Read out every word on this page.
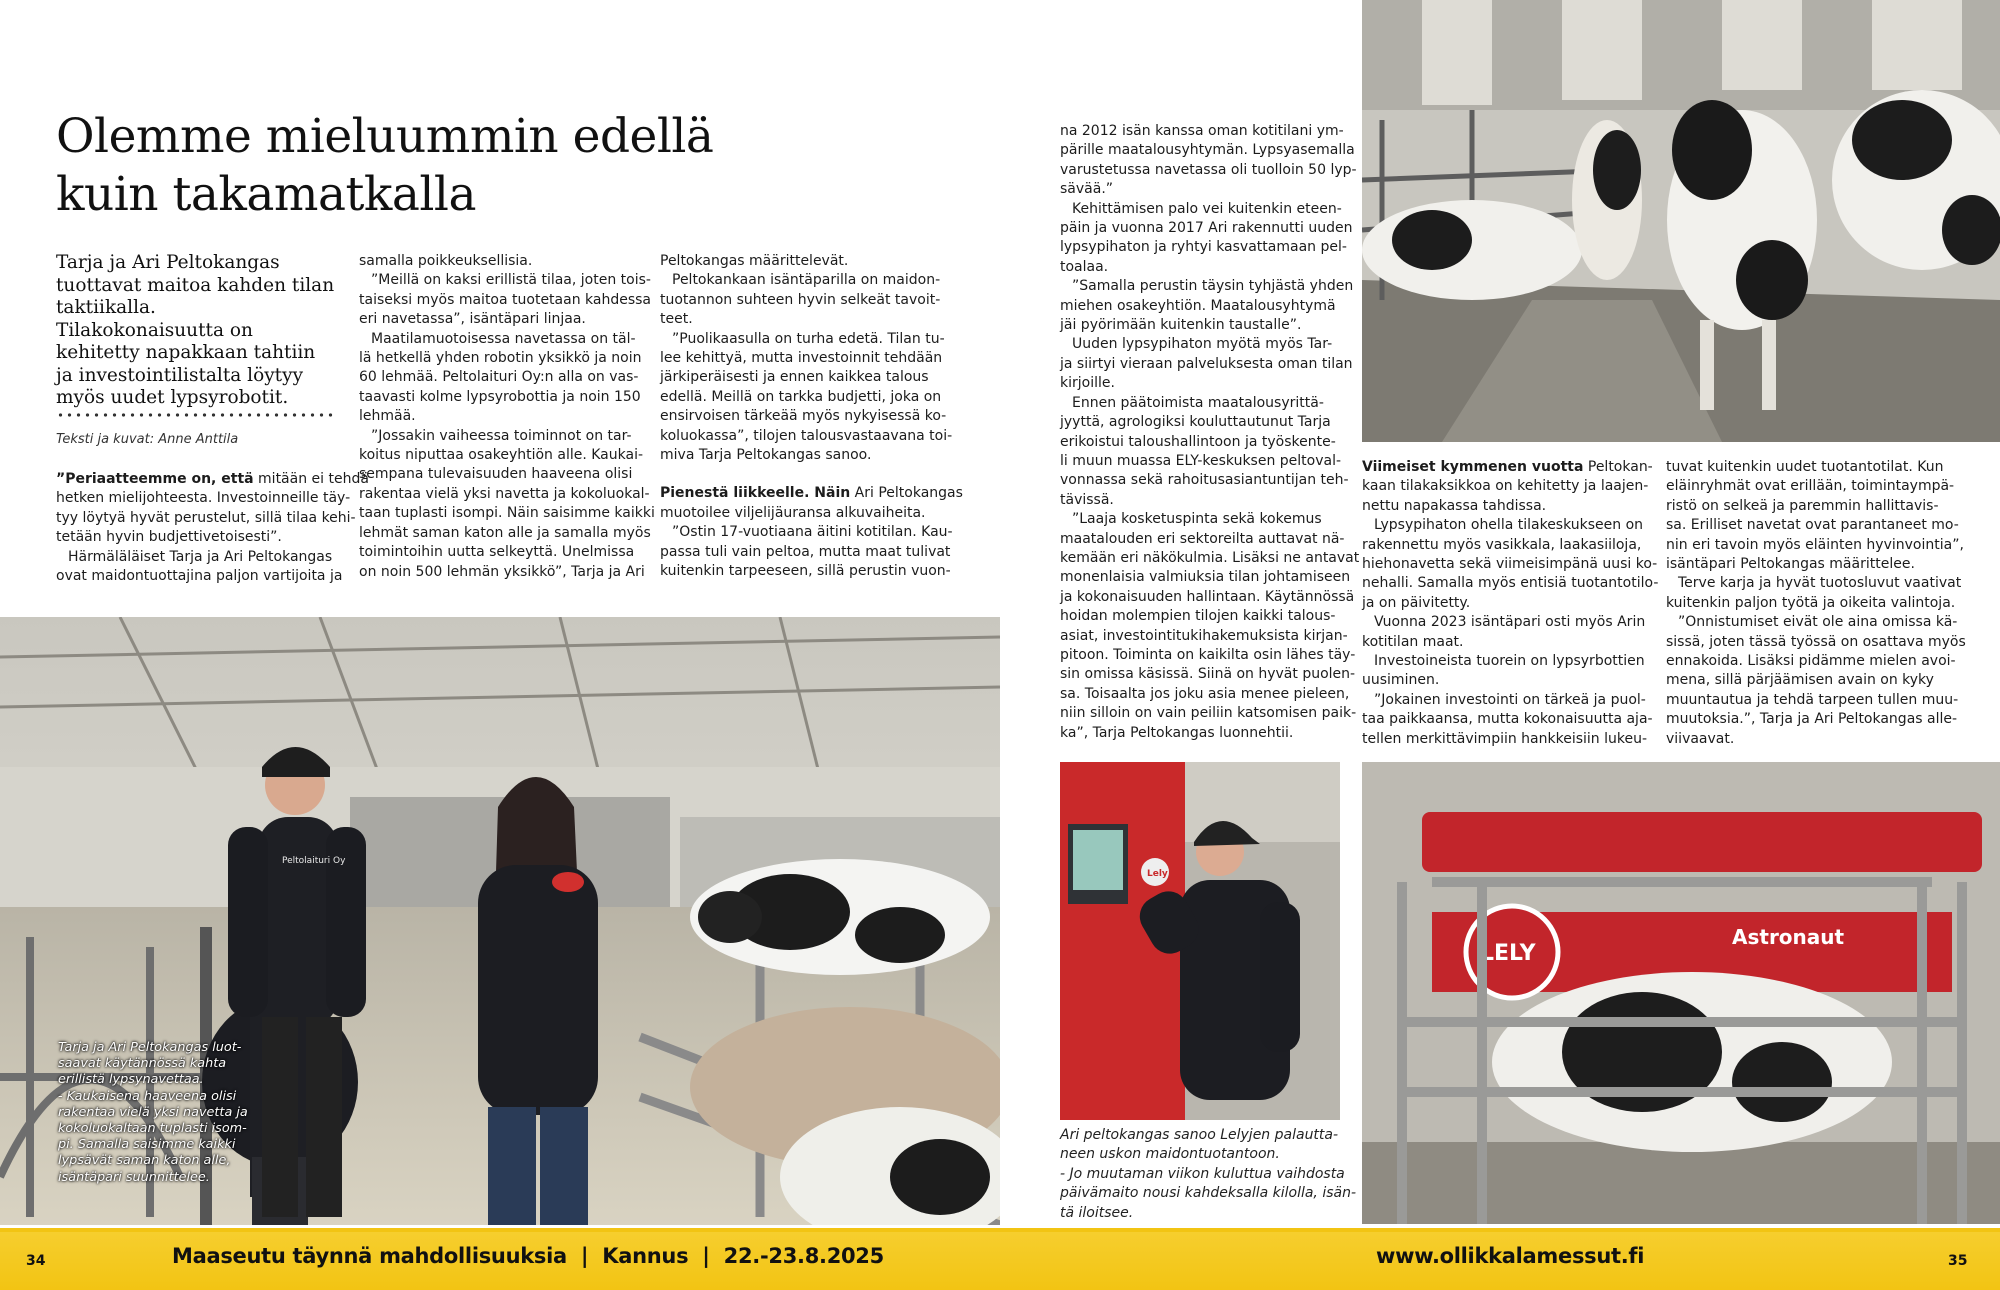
Olemme mieluummin edellä
kuin takamatkalla
Tarja ja Ari Peltokangas
tuottavat maitoa kahden tilan
taktiikalla.
Tilakokonaisuutta on
kehitetty napakkaan tahtiin
ja investointilistalta löytyy
myös uudet lypsyrobotit.
Teksti ja kuvat: Anne Anttila

”Periaatteemme on, että mitään ei tehdä

hetken mielijohteesta. Investoinneille täy-

tyy löytyä hyvät perustelut, sillä tilaa kehi-

tetään hyvin budjettivetoisesti”.

Härmäläläiset Tarja ja Ari Peltokangas

ovat maidontuottajina paljon vartijoita ja

samalla poikkeuksellisia.

”Meillä on kaksi erillistä tilaa, joten tois-

taiseksi myös maitoa tuotetaan kahdessa

eri navetassa”, isäntäpari linjaa.

Maatilamuotoisessa navetassa on täl-

lä hetkellä yhden robotin yksikkö ja noin

60 lehmää. Peltolaituri Oy:n alla on vas-

taavasti kolme lypsyrobottia ja noin 150

lehmää.

”Jossakin vaiheessa toiminnot on tar-

koitus niputtaa osakeyhtiön alle. Kaukai-

sempana tulevaisuuden haaveena olisi

rakentaa vielä yksi navetta ja kokoluokal-

taan tuplasti isompi. Näin saisimme kaikki

lehmät saman katon alle ja samalla myös

toimintoihin uutta selkeyttä. Unelmissa

on noin 500 lehmän yksikkö”, Tarja ja Ari

Peltokangas määrittelevät.

Peltokankaan isäntäparilla on maidon-

tuotannon suhteen hyvin selkeät tavoit-

teet.

”Puolikaasulla on turha edetä. Tilan tu-

lee kehittyä, mutta investoinnit tehdään

järkiperäisesti ja ennen kaikkea talous

edellä. Meillä on tarkka budjetti, joka on

ensirvoisen tärkeää myös nykyisessä ko-

koluokassa”, tilojen talousvastaavana toi-

miva Tarja Peltokangas sanoo.

Pienestä liikkeelle. Näin Ari Peltokangas

muotoilee viljelijäuransa alkuvaiheita.

”Ostin 17-vuotiaana äitini kotitilan. Kau-

passa tuli vain peltoa, mutta maat tulivat

kuitenkin tarpeeseen, sillä perustin vuon-

Peltolaituri Oy

Tarja ja Ari Peltokangas luot-

saavat käytännössä kahta

erillistä lypsynavettaa.

- Kaukaisena haaveena olisi

rakentaa vielä yksi navetta ja

kokoluokaltaan tuplasti isom-

pi. Samalla saisimme kaikki

lypsävät saman katon alle,

isäntäpari suunnittelee.

na 2012 isän kanssa oman kotitilani ym-

pärille maatalousyhtymän. Lypsyasemalla

varustetussa navetassa oli tuolloin 50 lyp-

sävää.”

Kehittämisen palo vei kuitenkin eteen-

päin ja vuonna 2017 Ari rakennutti uuden

lypsypihaton ja ryhtyi kasvattamaan pel-

toalaa.

”Samalla perustin täysin tyhjästä yhden

miehen osakeyhtiön. Maatalousyhtymä

jäi pyörimään kuitenkin taustalle”.

Uuden lypsypihaton myötä myös Tar-

ja siirtyi vieraan palveluksesta oman tilan

kirjoille.

Ennen päätoimista maatalousyrittä-

jyyttä, agrologiksi kouluttautunut Tarja

erikoistui taloushallintoon ja työskente-

li muun muassa ELY-keskuksen peltoval-

vonnassa sekä rahoitusasiantuntijan teh-

tävissä.

”Laaja kosketuspinta sekä kokemus

maatalouden eri sektoreilta auttavat nä-

kemään eri näkökulmia. Lisäksi ne antavat

monenlaisia valmiuksia tilan johtamiseen

ja kokonaisuuden hallintaan. Käytännössä

hoidan molempien tilojen kaikki talous-

asiat, investointitukihakemuksista kirjan-

pitoon. Toiminta on kaikilta osin lähes täy-

sin omissa käsissä. Siinä on hyvät puolen-

sa. Toisaalta jos joku asia menee pieleen,

niin silloin on vain peiliin katsomisen paik-

ka”, Tarja Peltokangas luonnehtii.

Viimeiset kymmenen vuotta Peltokan-

kaan tilakaksikkoa on kehitetty ja laajen-

nettu napakassa tahdissa.

Lypsypihaton ohella tilakeskukseen on

rakennettu myös vasikkala, laakasiiloja,

hiehonavetta sekä viimeisimpänä uusi ko-

nehalli. Samalla myös entisiä tuotantotilo-

ja on päivitetty.

Vuonna 2023 isäntäpari osti myös Arin

kotitilan maat.

Investoineista tuorein on lypsyrbottien

uusiminen.

”Jokainen investointi on tärkeä ja puol-

taa paikkaansa, mutta kokonaisuutta aja-

tellen merkittävimpiin hankkeisiin lukeu-

tuvat kuitenkin uudet tuotantotilat. Kun

eläinryhmät ovat erillään, toimintaympä-

ristö on selkeä ja paremmin hallittavis-

sa. Erilliset navetat ovat parantaneet mo-

nin eri tavoin myös eläinten hyvinvointia”,

isäntäpari Peltokangas määrittelee.

Terve karja ja hyvät tuotosluvut vaativat

kuitenkin paljon työtä ja oikeita valintoja.

”Onnistumiset eivät ole aina omissa kä-

sissä, joten tässä työssä on osattava myös

ennakoida. Lisäksi pidämme mielen avoi-

mena, sillä pärjäämisen avain on kyky

muuntautua ja tehdä tarpeen tullen muu-

muutoksia.”, Tarja ja Ari Peltokangas alle-

viivaavat.

Lely

Ari peltokangas sanoo Lelyjen palautta-

neen uskon maidontuotantoon.

- Jo muutaman viikon kuluttua vaihdosta

päivämaito nousi kahdeksalla kilolla, isän-

tä iloitsee.

LELY
Astronaut
34	Maaseutu täynnä mahdollisuuksia  |  Kannus  |  22.-23.8.2025	www.ollikkalamessut.fi	35
